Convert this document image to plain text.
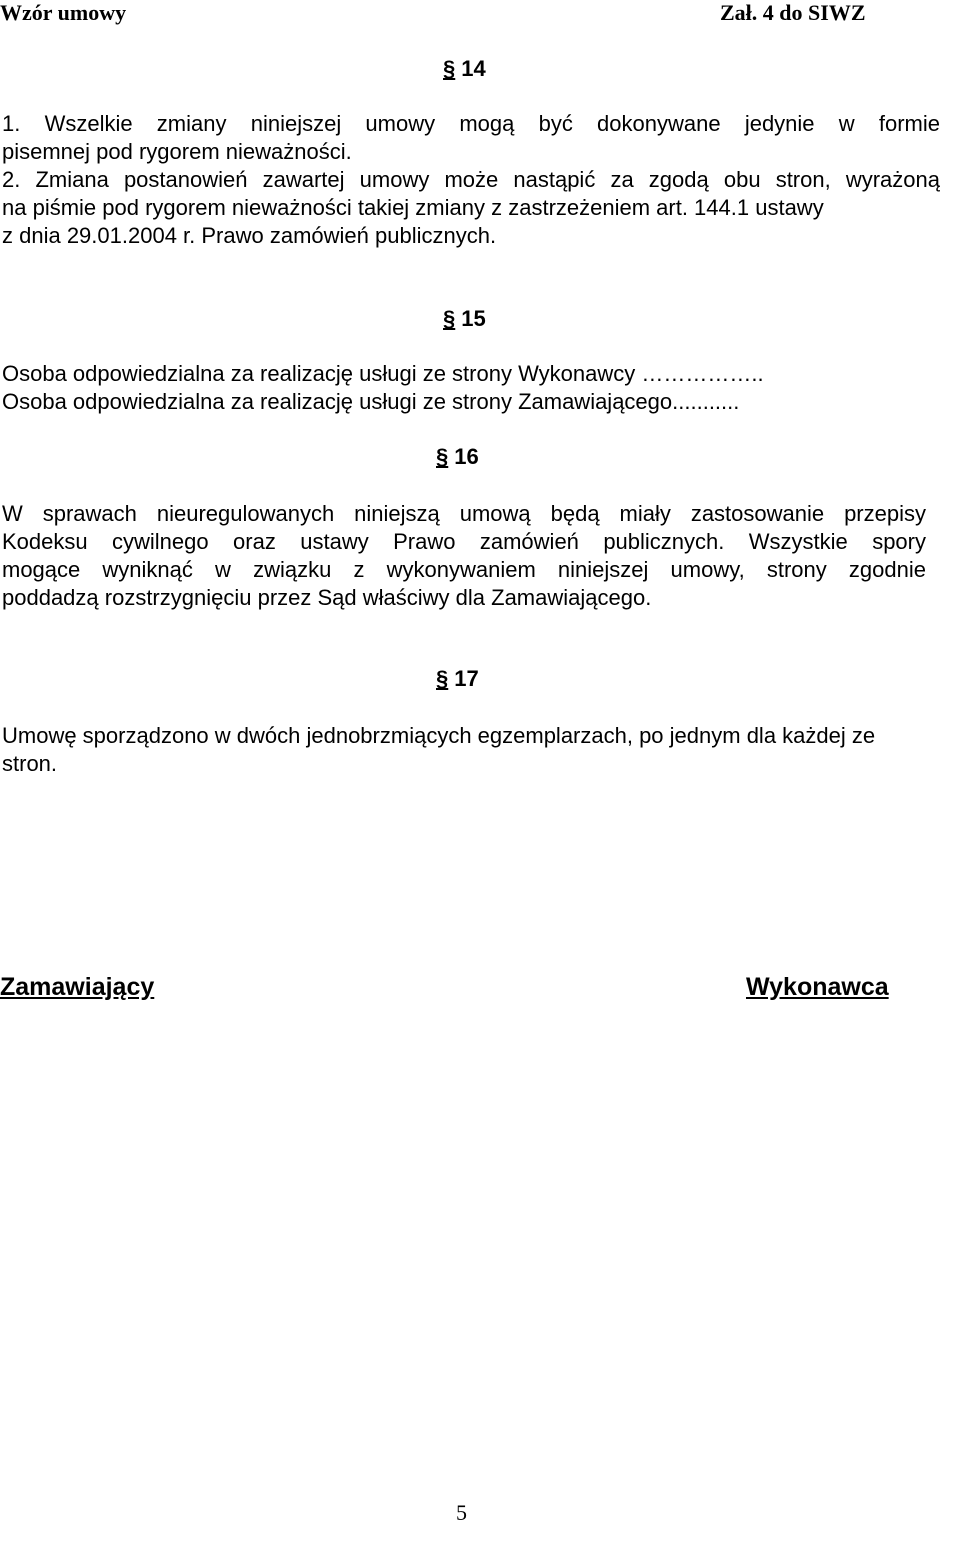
Wzór umowy	Zał. 4 do SIWZ
§ 14
1. Wszelkie zmiany niniejszej umowy mogą być dokonywane jedynie w formie
pisemnej pod rygorem nieważności.
2. Zmiana postanowień zawartej umowy może nastąpić za zgodą obu stron, wyrażoną
na piśmie pod rygorem nieważności takiej zmiany z zastrzeżeniem art. 144.1 ustawy
z dnia 29.01.2004 r. Prawo zamówień publicznych.
§ 15
Osoba odpowiedzialna za realizację usługi ze strony Wykonawcy ……………..
Osoba odpowiedzialna za realizację usługi ze strony Zamawiającego...........
§ 16
W sprawach nieuregulowanych niniejszą umową będą miały zastosowanie przepisy
Kodeksu cywilnego oraz ustawy Prawo zamówień publicznych. Wszystkie spory
mogące wyniknąć w związku z wykonywaniem niniejszej umowy, strony zgodnie
poddadzą rozstrzygnięciu przez Sąd właściwy dla Zamawiającego.
§ 17
Umowę sporządzono w dwóch jednobrzmiących egzemplarzach, po jednym dla każdej ze
stron.
Zamawiający	Wykonawca
5
